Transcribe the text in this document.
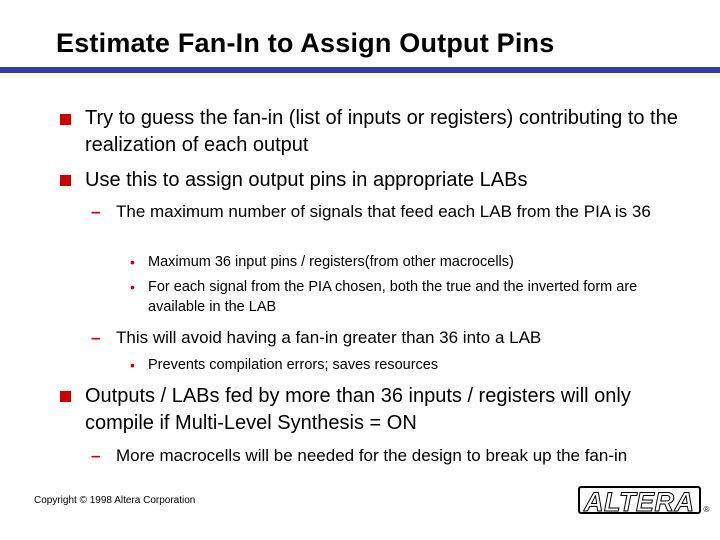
Estimate Fan-In to Assign Output Pins

Try to guess the fan-in (list of inputs or registers) contributing to the realization of each output

Use this to assign output pins in appropriate LABs

– The maximum number of signals that feed each LAB from the PIA is 36

• Maximum 36 input pins / registers(from other macrocells)

• For each signal from the PIA chosen, both the true and the inverted form are available in the LAB

– This will avoid having a fan-in greater than 36 into a LAB

• Prevents compilation errors; saves resources

Outputs / LABs fed by more than 36 inputs / registers will only compile if Multi-Level Synthesis = ON

– More macrocells will be needed for the design to break up the fan-in

Copyright © 1998 Altera Corporation	ALTERA	®
